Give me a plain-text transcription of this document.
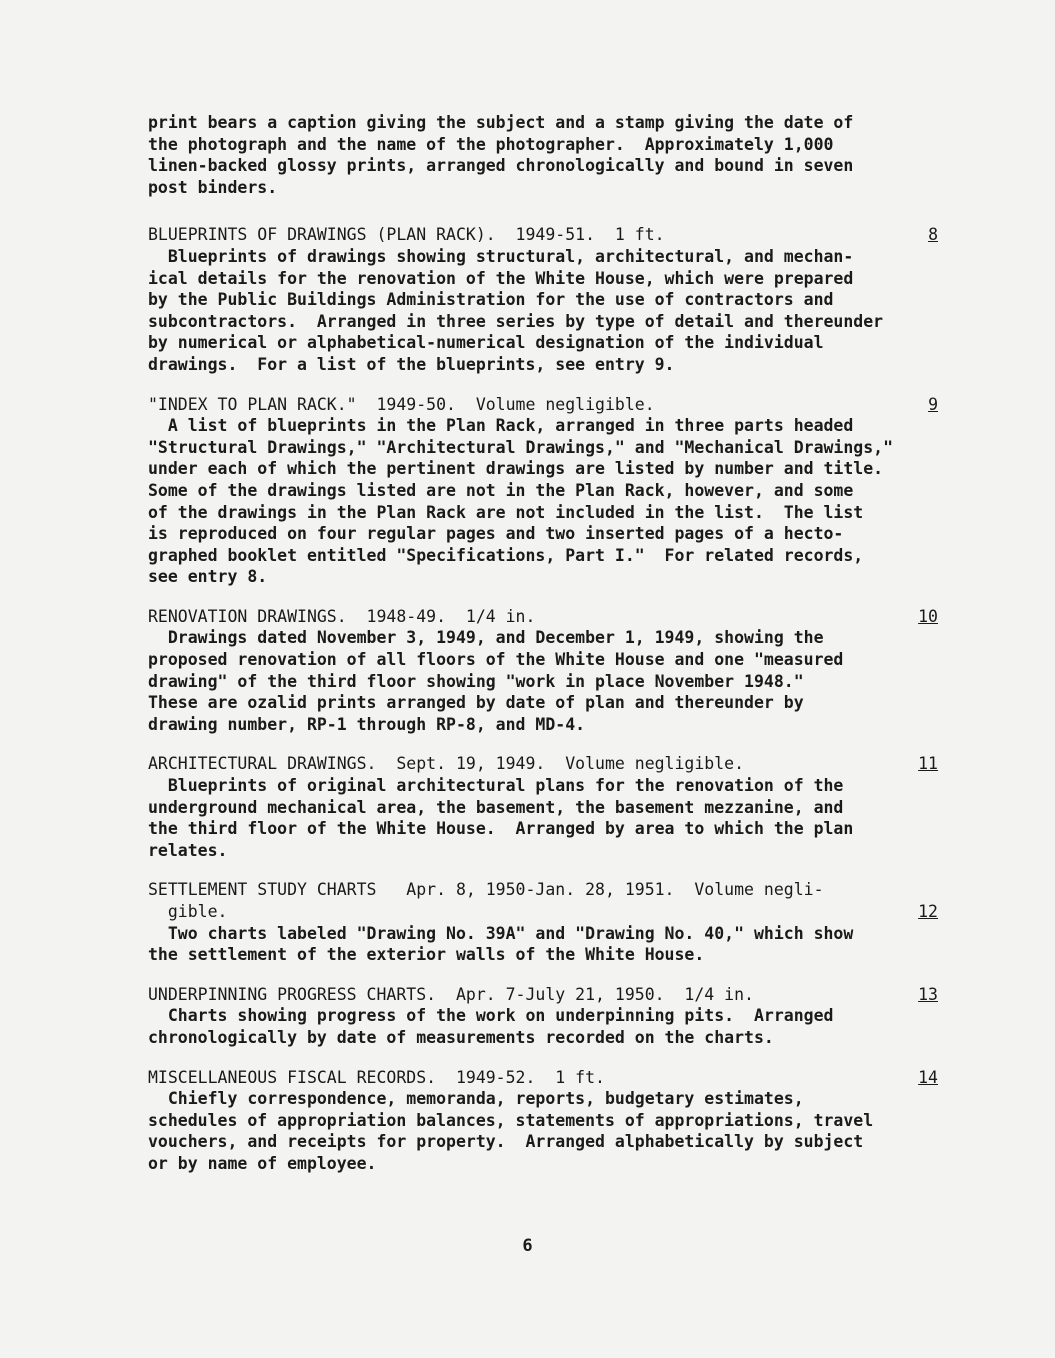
print bears a caption giving the subject and a stamp giving the date of
the photograph and the name of the photographer.  Approximately 1,000
linen-backed glossy prints, arranged chronologically and bound in seven
post binders.
BLUEPRINTS OF DRAWINGS (PLAN RACK).  1949-51.  1 ft.	8
Blueprints of drawings showing structural, architectural, and mechan-
ical details for the renovation of the White House, which were prepared
by the Public Buildings Administration for the use of contractors and
subcontractors.  Arranged in three series by type of detail and thereunder
by numerical or alphabetical-numerical designation of the individual
drawings.  For a list of the blueprints, see entry 9.
"INDEX TO PLAN RACK."  1949-50.  Volume negligible.	9
A list of blueprints in the Plan Rack, arranged in three parts headed
"Structural Drawings," "Architectural Drawings," and "Mechanical Drawings,"
under each of which the pertinent drawings are listed by number and title.
Some of the drawings listed are not in the Plan Rack, however, and some
of the drawings in the Plan Rack are not included in the list.  The list
is reproduced on four regular pages and two inserted pages of a hecto-
graphed booklet entitled "Specifications, Part I."  For related records,
see entry 8.
RENOVATION DRAWINGS.  1948-49.  1/4 in.	10
Drawings dated November 3, 1949, and December 1, 1949, showing the
proposed renovation of all floors of the White House and one "measured
drawing" of the third floor showing "work in place November 1948."
These are ozalid prints arranged by date of plan and thereunder by
drawing number, RP-1 through RP-8, and MD-4.
ARCHITECTURAL DRAWINGS.  Sept. 19, 1949.  Volume negligible.	11
Blueprints of original architectural plans for the renovation of the
underground mechanical area, the basement, the basement mezzanine, and
the third floor of the White House.  Arranged by area to which the plan
relates.
SETTLEMENT STUDY CHARTS   Apr. 8, 1950-Jan. 28, 1951.  Volume negli-
gible.	12
Two charts labeled "Drawing No. 39A" and "Drawing No. 40," which show
the settlement of the exterior walls of the White House.
UNDERPINNING PROGRESS CHARTS.  Apr. 7-July 21, 1950.  1/4 in.	13
Charts showing progress of the work on underpinning pits.  Arranged
chronologically by date of measurements recorded on the charts.
MISCELLANEOUS FISCAL RECORDS.  1949-52.  1 ft.	14
Chiefly correspondence, memoranda, reports, budgetary estimates,
schedules of appropriation balances, statements of appropriations, travel
vouchers, and receipts for property.  Arranged alphabetically by subject
or by name of employee.
6
